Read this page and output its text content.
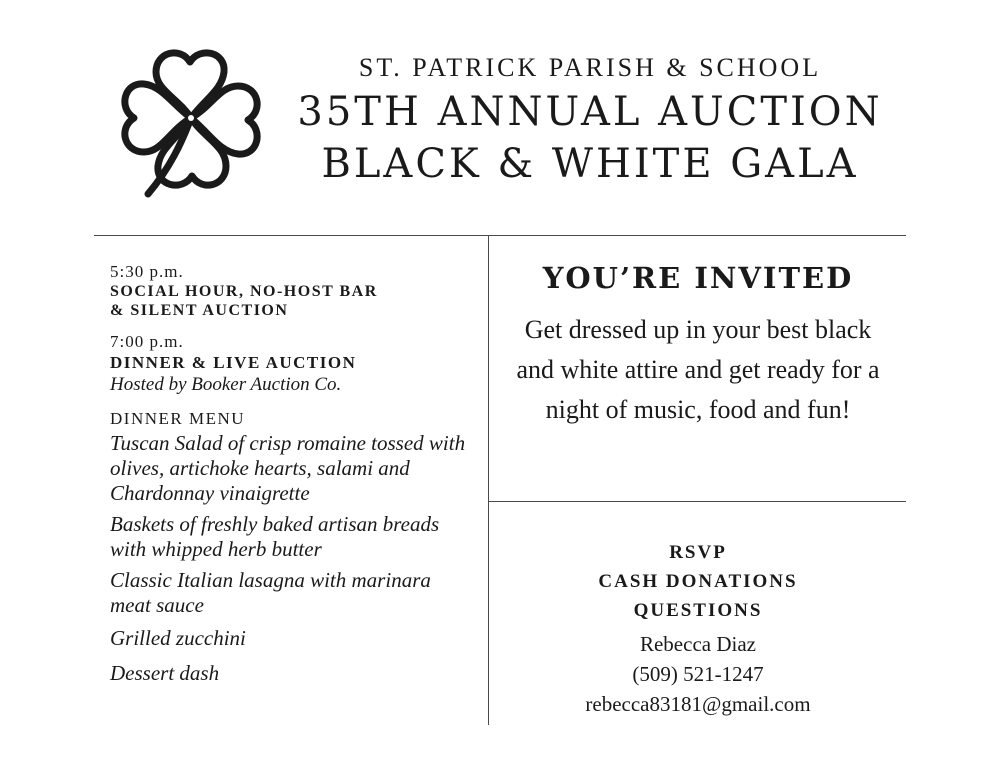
ST. PATRICK PARISH & SCHOOL
35TH ANNUAL AUCTION
BLACK & WHITE GALA
5:30 p.m.
SOCIAL HOUR, NO-HOST BAR
& SILENT AUCTION
7:00 p.m.
DINNER & LIVE AUCTION
Hosted by Booker Auction Co.
DINNER MENU
Tuscan Salad of crisp romaine tossed with olives, artichoke hearts, salami and Chardonnay vinaigrette
Baskets of freshly baked artisan breads with whipped herb butter
Classic Italian lasagna with marinara meat sauce
Grilled zucchini
Dessert dash
YOU’RE INVITED
Get dressed up in your best black and white attire and get ready for a night of music, food and fun!
RSVP
CASH DONATIONS
QUESTIONS
Rebecca Diaz
(509) 521-1247
rebecca83181@gmail.com
